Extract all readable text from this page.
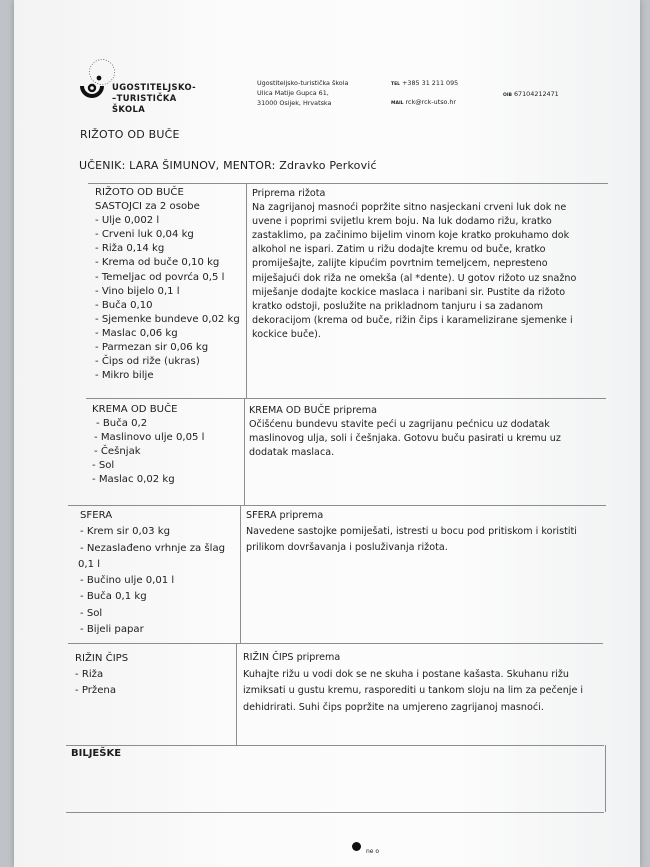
UGOSTITELJSKO-
–TURISTIČKA
ŠKOLA
Ugostiteljsko-turistička škola
Ulica Matije Gupca 61,
31000 Osijek, Hrvatska
TEL +385 31 211 095
MAIL rck@rck-utso.hr
OIB 67104212471
RIŽOTO OD BUČE
UČENIK: LARA ŠIMUNOV, MENTOR: Zdravko Perković
RIŽOTO OD BUČE
SASTOJCI za 2 osobe
- Ulje 0,002 l
- Crveni luk 0,04 kg
- Riža 0,14 kg
- Krema od buče 0,10 kg
- Temeljac od povrća 0,5 l
- Vino bijelo 0,1 l
- Buča 0,10
- Sjemenke bundeve 0,02 kg
- Maslac 0,06 kg
- Parmezan sir 0,06 kg
- Čips od riže (ukras)
- Mikro bilje
Priprema rižota
Na zagrijanoj masnoći popržite sitno nasjeckani crveni luk dok ne uvene i poprimi svijetlu krem boju. Na luk dodamo rižu, kratko zastaklimo, pa začinimo bijelim vinom koje kratko prokuhamo dok alkohol ne ispari. Zatim u rižu dodajte kremu od buče, kratko promiješajte, zalijte kipućim povrtnim temeljcem, nepresteno miješajući dok riža ne omekša (al *dente). U gotov rižoto uz snažno miješanje dodajte kockice maslaca i naribani sir. Pustite da rižoto kratko odstoji, poslužite na prikladnom tanjuru i sa zadanom dekoracijom (krema od buče, rižin čips i karamelizirane sjemenke i kockice buče).
KREMA OD BUČE
- Buča 0,2
- Maslinovo ulje 0,05 l
- Češnjak
- Sol
- Maslac 0,02 kg
KREMA OD BUČE priprema
Očišćenu bundevu stavite peći u zagrijanu pećnicu uz dodatak maslinovog ulja, soli i češnjaka. Gotovu buču pasirati u kremu uz dodatak maslaca.
SFERA
- Krem sir 0,03 kg
- Nezaslađeno vrhnje za šlag
0,1 l
- Bučino ulje 0,01 l
- Buča 0,1 kg
- Sol
- Bijeli papar
SFERA priprema
Navedene sastojke pomiješati, istresti u bocu pod pritiskom i koristiti prilikom dovršavanja i posluživanja rižota.
RIŽIN ČIPS
- Riža
- Pržena
RIŽIN ČIPS priprema
Kuhajte rižu u vodi dok se ne skuha i postane kašasta. Skuhanu rižu izmiksati u gustu kremu, rasporediti u tankom sloju na lim za pečenje i dehidrirati. Suhi čips popržite na umjereno zagrijanoj masnoći.
BILJEŠKE
ne o
